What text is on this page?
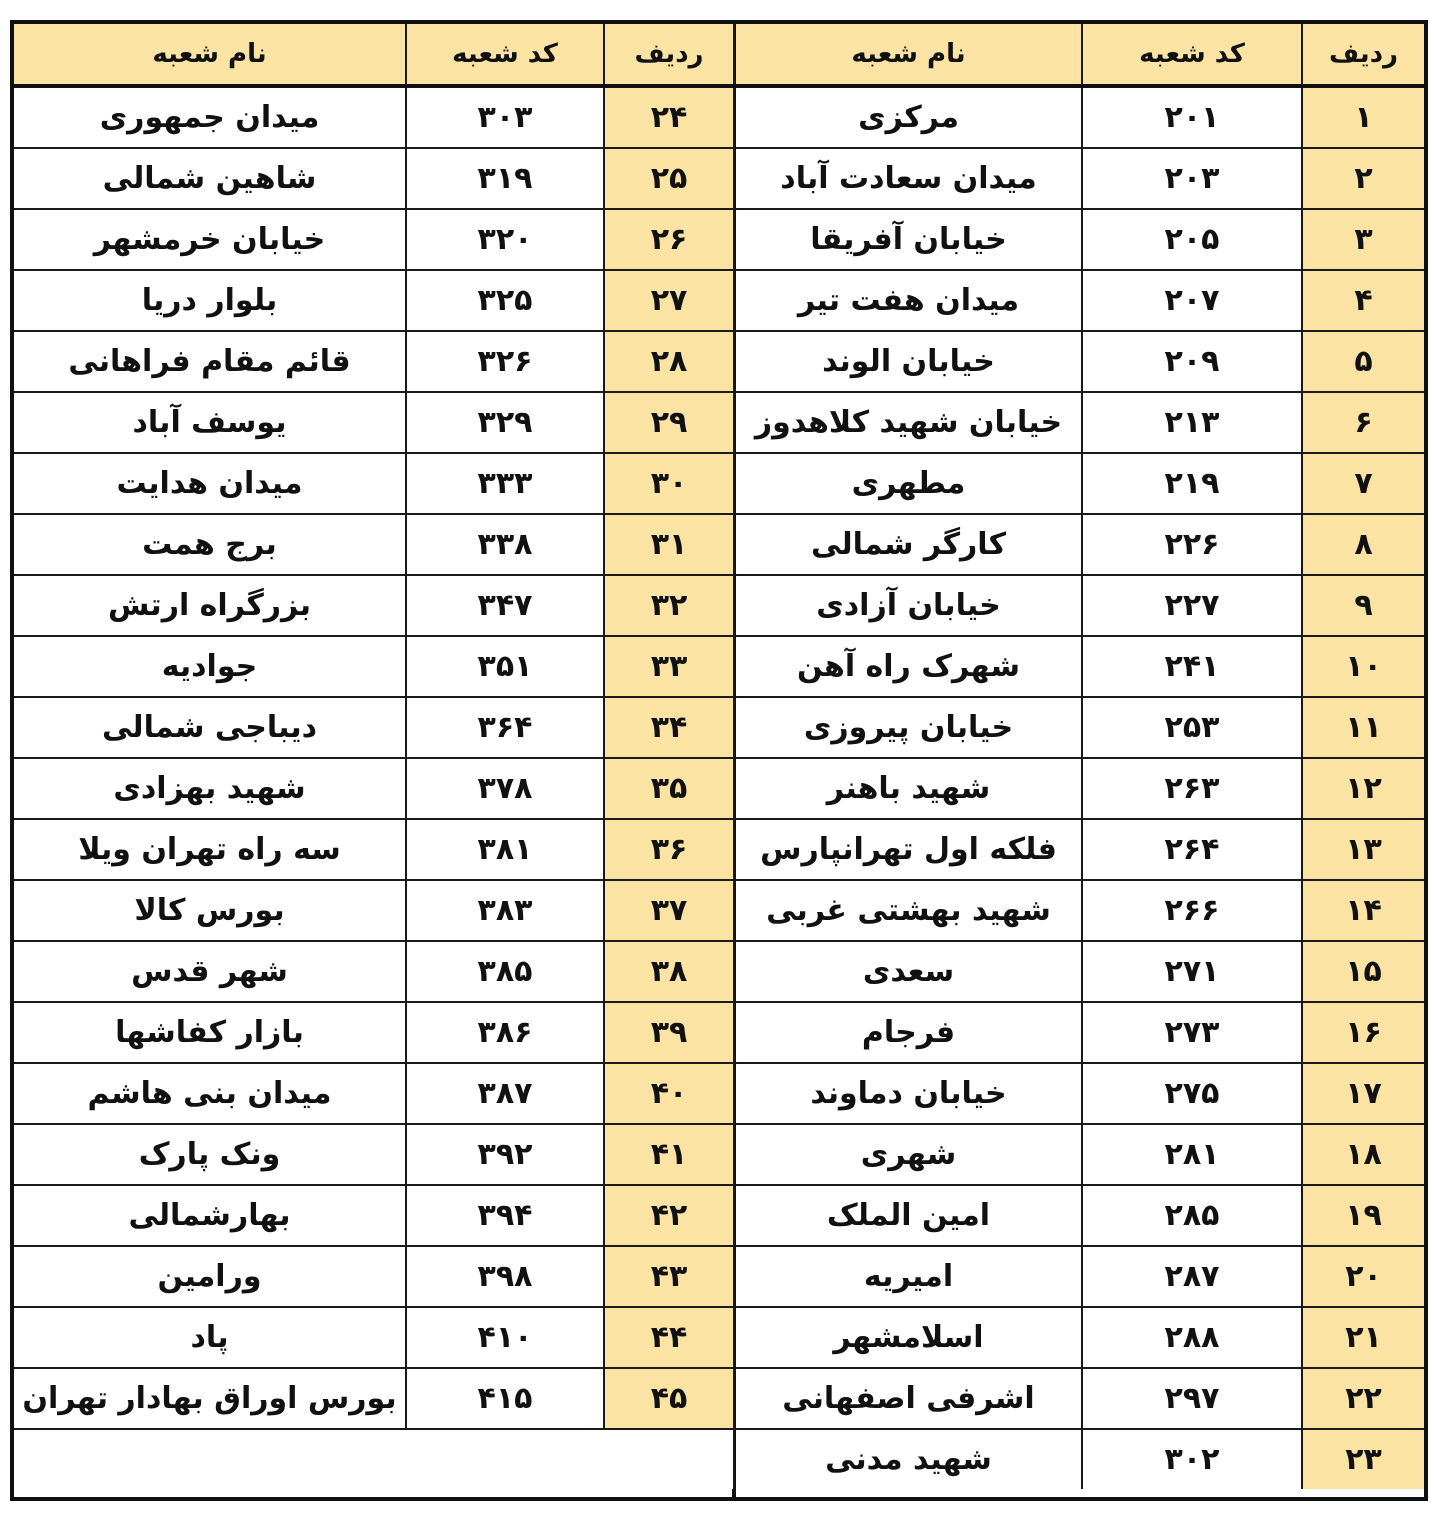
ردیف	کد شعبه	نام شعبه
۱	۲۰۱	مرکزی
۲	۲۰۳	میدان سعادت آباد
۳	۲۰۵	خیابان آفریقا
۴	۲۰۷	میدان هفت تیر
۵	۲۰۹	خیابان الوند
۶	۲۱۳	خیابان شهید کلاهدوز
۷	۲۱۹	مطهری
۸	۲۲۶	کارگر شمالی
۹	۲۲۷	خیابان آزادی
۱۰	۲۴۱	شهرک راه آهن
۱۱	۲۵۳	خیابان پیروزی
۱۲	۲۶۳	شهید باهنر
۱۳	۲۶۴	فلکه اول تهرانپارس
۱۴	۲۶۶	شهید بهشتی غربی
۱۵	۲۷۱	سعدی
۱۶	۲۷۳	فرجام
۱۷	۲۷۵	خیابان دماوند
۱۸	۲۸۱	شهری
۱۹	۲۸۵	امین الملک
۲۰	۲۸۷	امیریه
۲۱	۲۸۸	اسلامشهر
۲۲	۲۹۷	اشرفی اصفهانی
۲۳	۳۰۲	شهید مدنی
ردیف	کد شعبه	نام شعبه
۲۴	۳۰۳	میدان جمهوری
۲۵	۳۱۹	شاهین شمالی
۲۶	۳۲۰	خیابان خرمشهر
۲۷	۳۲۵	بلوار دریا
۲۸	۳۲۶	قائم مقام فراهانی
۲۹	۳۲۹	یوسف آباد
۳۰	۳۳۳	میدان هدایت
۳۱	۳۳۸	برج همت
۳۲	۳۴۷	بزرگراه ارتش
۳۳	۳۵۱	جوادیه
۳۴	۳۶۴	دیباجی شمالی
۳۵	۳۷۸	شهید بهزادی
۳۶	۳۸۱	سه راه تهران ویلا
۳۷	۳۸۳	بورس کالا
۳۸	۳۸۵	شهر قدس
۳۹	۳۸۶	بازار کفاشها
۴۰	۳۸۷	میدان بنی هاشم
۴۱	۳۹۲	ونک پارک
۴۲	۳۹۴	بهارشمالی
۴۳	۳۹۸	ورامین
۴۴	۴۱۰	پاد
۴۵	۴۱۵	بورس اوراق بهادار تهران
